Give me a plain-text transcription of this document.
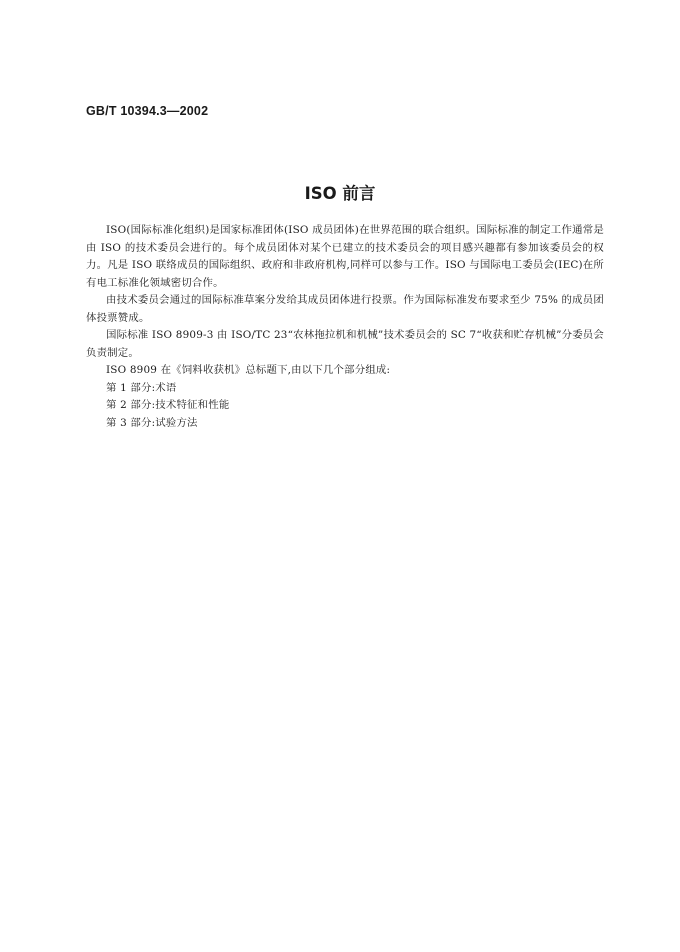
GB/T 10394.3—2002
ISO 前言

ISO(国际标准化组织)是国家标准团体(ISO 成员团体)在世界范围的联合组织。国际标准的制定工作通常是由 ISO 的技术委员会进行的。每个成员团体对某个已建立的技术委员会的项目感兴趣都有参加该委员会的权力。凡是 ISO 联络成员的国际组织、政府和非政府机构,同样可以参与工作。ISO 与国际电工委员会(IEC)在所有电工标准化领域密切合作。

由技术委员会通过的国际标准草案分发给其成员团体进行投票。作为国际标准发布要求至少 75% 的成员团体投票赞成。

国际标准 ISO 8909-3 由 ISO/TC 23“农林拖拉机和机械”技术委员会的 SC 7“收获和贮存机械”分委员会负责制定。

ISO 8909 在《饲料收获机》总标题下,由以下几个部分组成:

第 1 部分:术语

第 2 部分:技术特征和性能

第 3 部分:试验方法
